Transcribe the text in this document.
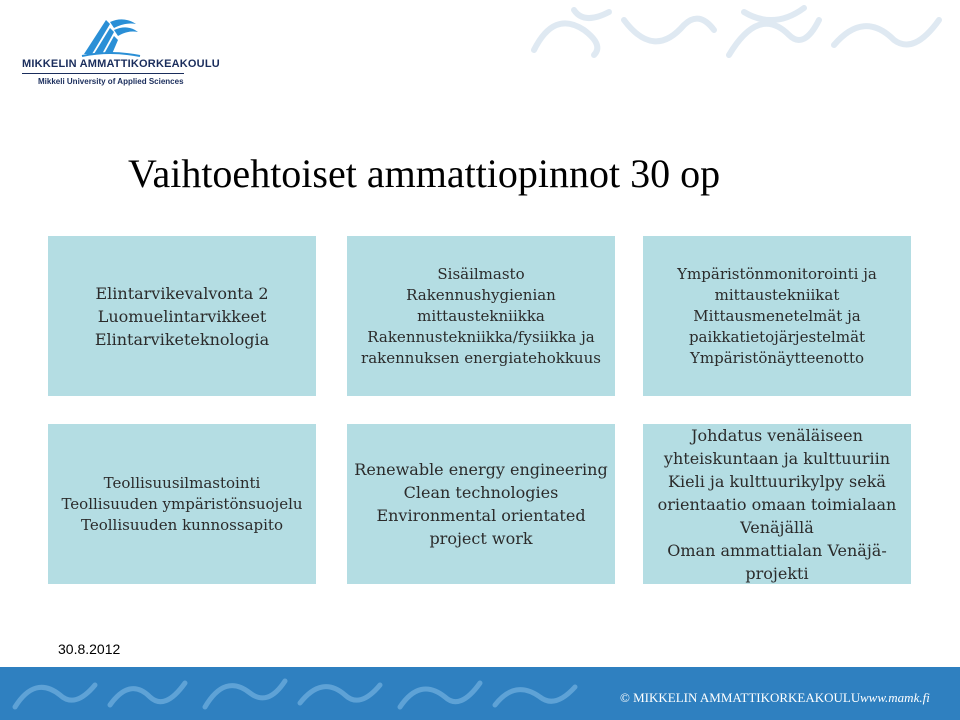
MIKKELIN AMMATTIKORKEAKOULU
Mikkeli University of Applied Sciences
Vaihtoehtoiset ammattiopinnot 30 op
Elintarvikevalvonta 2
Luomuelintarvikkeet
Elintarviketeknologia
Sisäilmasto
Rakennushygienian mittaustekniikka
Rakennustekniikka/fysiikka ja rakennuksen energiatehokkuus
Ympäristönmonitorointi ja mittaustekniikat
Mittausmenetelmät ja paikkatietojärjestelmät
Ympäristönäytteenotto
Teollisuusilmastointi
Teollisuuden ympäristönsuojelu
Teollisuuden kunnossapito
Renewable energy engineering
Clean technologies
Environmental orientated project work
Johdatus venäläiseen yhteiskuntaan ja kulttuuriin
Kieli ja kulttuurikylpy sekä orientaatio omaan toimialaan Venäjällä
Oman ammattialan Venäjä-projekti
30.8.2012
© MIKKELIN AMMATTIKORKEAKOULU www.mamk.fi
